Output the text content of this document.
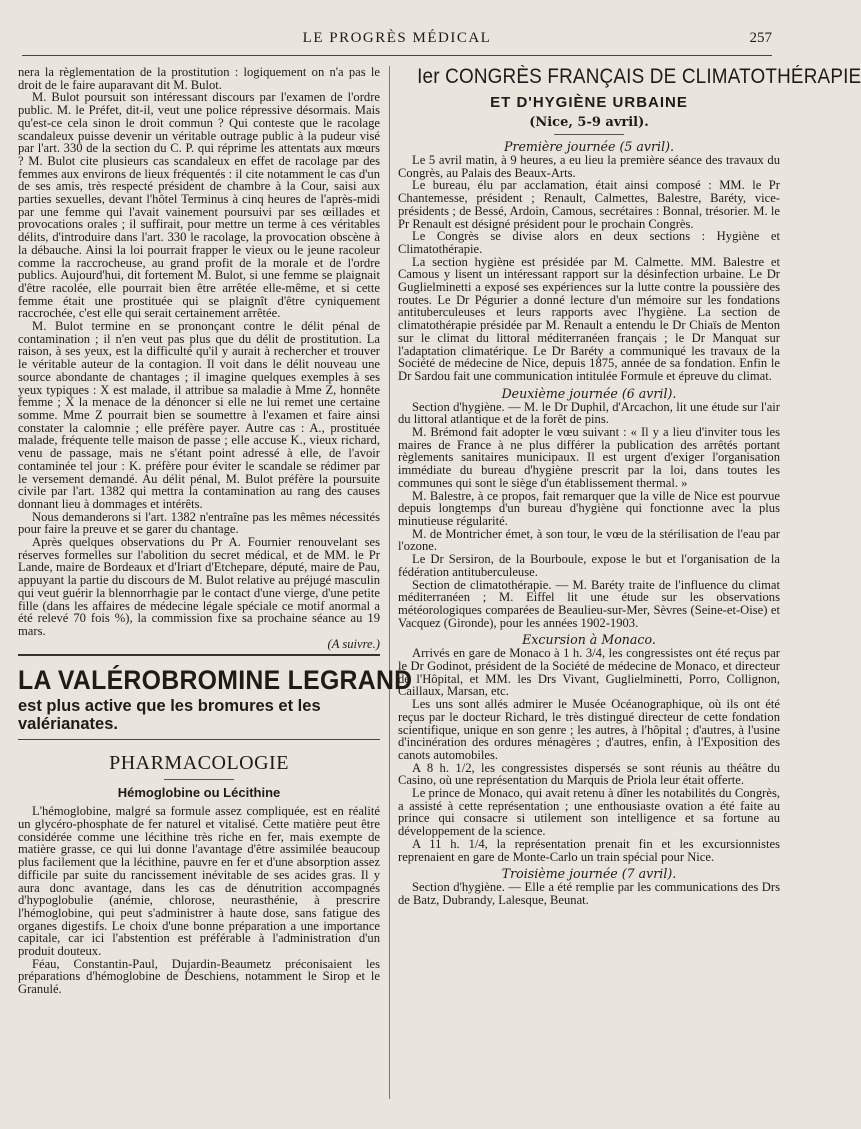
LE PROGRÈS MÉDICAL	257

nera la règlementation de la prostitution : logiquement on n'a pas le droit de le faire auparavant dit M. Bulot.

M. Bulot poursuit son intéressant discours par l'examen de l'ordre public. M. le Préfet, dit-il, veut une police répressive désormais. Mais qu'est-ce cela sinon le droit commun ? Qui conteste que le racolage scandaleux puisse devenir un véritable outrage public à la pudeur visé par l'art. 330 de la section du C. P. qui réprime les attentats aux mœurs ? M. Bulot cite plusieurs cas scandaleux en effet de racolage par des femmes aux environs de lieux fréquentés : il cite notamment le cas d'un de ses amis, très respecté président de chambre à la Cour, saisi aux parties sexuelles, devant l'hôtel Terminus à cinq heures de l'après-midi par une femme qui l'avait vainement poursuivi par ses œillades et provocations orales ; il suffirait, pour mettre un terme à ces véritables délits, d'introduire dans l'art. 330 le racolage, la provocation obscène à la débauche. Ainsi la loi pourrait frapper le vieux ou le jeune racoleur comme la raccrocheuse, au grand profit de la morale et de l'ordre publics. Aujourd'hui, dit fortement M. Bulot, si une femme se plaignait d'être racolée, elle pourrait bien être arrêtée elle-même, et si cette femme était une prostituée qui se plaignît d'être cyniquement raccrochée, c'est elle qui serait certainement arrêtée.

M. Bulot termine en se prononçant contre le délit pénal de contamination ; il n'en veut pas plus que du délit de prostitution. La raison, à ses yeux, est la difficulté qu'il y aurait à rechercher et trouver le véritable auteur de la contagion. Il voit dans le délit nouveau une source abondante de chantages ; il imagine quelques exemples à ses yeux typiques : X est malade, il attribue sa maladie à Mme Z, honnête femme ; X la menace de la dénoncer si elle ne lui remet une certaine somme. Mme Z pourrait bien se soumettre à l'examen et faire ainsi constater la calomnie ; elle préfère payer. Autre cas : A., prostituée malade, fréquente telle maison de passe ; elle accuse K., vieux richard, venu de passage, mais ne s'étant point adressé à elle, de l'avoir contaminée tel jour : K. préfère pour éviter le scandale se rédimer par le versement demandé. Au délit pénal, M. Bulot préfère la poursuite civile par l'art. 1382 qui mettra la contamination au rang des causes donnant lieu à dommages et intérêts.

Nous demanderons si l'art. 1382 n'entraîne pas les mêmes nécessités pour faire la preuve et se garer du chantage.

Après quelques observations du Pr A. Fournier renouvelant ses réserves formelles sur l'abolition du secret médical, et de MM. le Pr Lande, maire de Bordeaux et d'Iriart d'Etchepare, député, maire de Pau, appuyant la partie du discours de M. Bulot relative au préjugé masculin qui veut guérir la blennorrhagie par le contact d'une vierge, d'une petite fille (dans les affaires de médecine légale spéciale ce motif anormal a été relevé 70 fois %), la commission fixe sa prochaine séance au 19 mars.

(A suivre.)

LA VALÉROBROMINE LEGRAND
est plus active que les bromures et les valérianates.
PHARMACOLOGIE
Hémoglobine ou Lécithine

L'hémoglobine, malgré sa formule assez compliquée, est en réalité un glycéro-phosphate de fer naturel et vitalisé. Cette matière peut être considérée comme une lécithine très riche en fer, mais exempte de matière grasse, ce qui lui donne l'avantage d'être assimilée beaucoup plus facilement que la lécithine, pauvre en fer et d'une absorption assez difficile par suite du rancissement inévitable de ses acides gras. Il y aura donc avantage, dans les cas de dénutrition accompagnés d'hypoglobulie (anémie, chlorose, neurasthénie, à prescrire l'hémoglobine, qui peut s'administrer à haute dose, sans fatigue des organes digestifs. Le choix d'une bonne préparation a une importance capitale, car ici l'abstention est préférable à l'administration d'un produit douteux.

Féau, Constantin-Paul, Dujardin-Beaumetz préconisaient les préparations d'hémoglobine de Deschiens, notamment le Sirop et le Granulé.

Ier CONGRÈS FRANÇAIS DE CLIMATOTHÉRAPIE
ET D'HYGIÈNE URBAINE
(Nice, 5-9 avril).
Première journée (5 avril).

Le 5 avril matin, à 9 heures, a eu lieu la première séance des travaux du Congrès, au Palais des Beaux-Arts.

Le bureau, élu par acclamation, était ainsi composé : MM. le Pr Chantemesse, président ; Renault, Calmettes, Balestre, Baréty, vice-présidents ; de Bessé, Ardoin, Camous, secrétaires : Bonnal, trésorier. M. le Pr Renault est désigné président pour le prochain Congrès.

Le Congrès se divise alors en deux sections : Hygiène et Climatothérapie.

La section hygiène est présidée par M. Calmette. MM. Balestre et Camous y lisent un intéressant rapport sur la désinfection urbaine. Le Dr Guglielminetti a exposé ses expériences sur la lutte contre la poussière des routes. Le Dr Pégurier a donné lecture d'un mémoire sur les fondations antituberculeuses et leurs rapports avec l'hygiène. La section de climatothérapie présidée par M. Renault a entendu le Dr Chiaïs de Menton sur le climat du littoral méditerranéen français ; le Dr Manquat sur l'adaptation climatérique. Le Dr Baréty a communiqué les travaux de la Société de médecine de Nice, depuis 1875, année de sa fondation. Enfin le Dr Sardou fait une communication intitulée Formule et épreuve du climat.

Deuxième journée (6 avril).

Section d'hygiène. — M. le Dr Duphil, d'Arcachon, lit une étude sur l'air du littoral atlantique et de la forêt de pins.

M. Brémond fait adopter le vœu suivant : « Il y a lieu d'inviter tous les maires de France à ne plus différer la publication des arrêtés portant règlements sanitaires municipaux. Il est urgent d'exiger l'organisation immédiate du bureau d'hygiène prescrit par la loi, dans toutes les communes qui sont le siège d'un établissement thermal. »

M. Balestre, à ce propos, fait remarquer que la ville de Nice est pourvue depuis longtemps d'un bureau d'hygiène qui fonctionne avec la plus minutieuse régularité.

M. de Montricher émet, à son tour, le vœu de la stérilisation de l'eau par l'ozone.

Le Dr Sersiron, de la Bourboule, expose le but et l'organisation de la fédération antituberculeuse.

Section de climatothérapie. — M. Baréty traite de l'influence du climat méditerranéen ; M. Eiffel lit une étude sur les observations météorologiques comparées de Beaulieu-sur-Mer, Sèvres (Seine-et-Oise) et Vacquez (Gironde), pour les années 1902-1903.

Excursion à Monaco.

Arrivés en gare de Monaco à 1 h. 3/4, les congressistes ont été reçus par le Dr Godinot, président de la Société de médecine de Monaco, et directeur de l'Hôpital, et MM. les Drs Vivant, Guglielminetti, Porro, Collignon, Caillaux, Marsan, etc.

Les uns sont allés admirer le Musée Océanographique, où ils ont été reçus par le docteur Richard, le très distingué directeur de cette fondation scientifique, unique en son genre ; les autres, à l'hôpital ; d'autres, à l'usine d'incinération des ordures ménagères ; d'autres, enfin, à l'Exposition des canots automobiles.

A 8 h. 1/2, les congressistes dispersés se sont réunis au théâtre du Casino, où une représentation du Marquis de Priola leur était offerte.

Le prince de Monaco, qui avait retenu à dîner les notabilités du Congrès, a assisté à cette représentation ; une enthousiaste ovation a été faite au prince qui consacre si utilement son intelligence et sa fortune au développement de la science.

A 11 h. 1/4, la représentation prenait fin et les excursionnistes reprenaient en gare de Monte-Carlo un train spécial pour Nice.

Troisième journée (7 avril).

Section d'hygiène. — Elle a été remplie par les communications des Drs de Batz, Dubrandy, Lalesque, Beunat.
